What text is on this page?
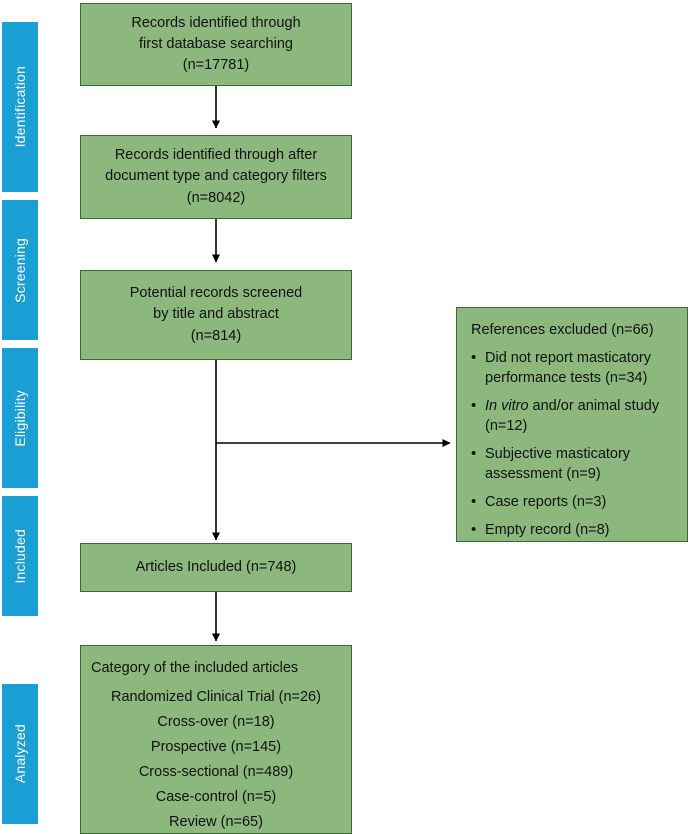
Identification
Screening
Eligibility
Included
Analyzed
Records identified through
first database searching
(n=17781)
Records identified through after
document type and category filters
(n=8042)
Potential records screened
by title and abstract
(n=814)
Articles Included (n=748)
References excluded (n=66)
• Did not report masticatory performance tests (n=34)
• In vitro and/or animal study (n=12)
• Subjective masticatory assessment (n=9)
• Case reports (n=3)
• Empty record (n=8)
Category of the included articles
Randomized Clinical Trial (n=26)
Cross-over (n=18)
Prospective (n=145)
Cross-sectional (n=489)
Case-control (n=5)
Review (n=65)
